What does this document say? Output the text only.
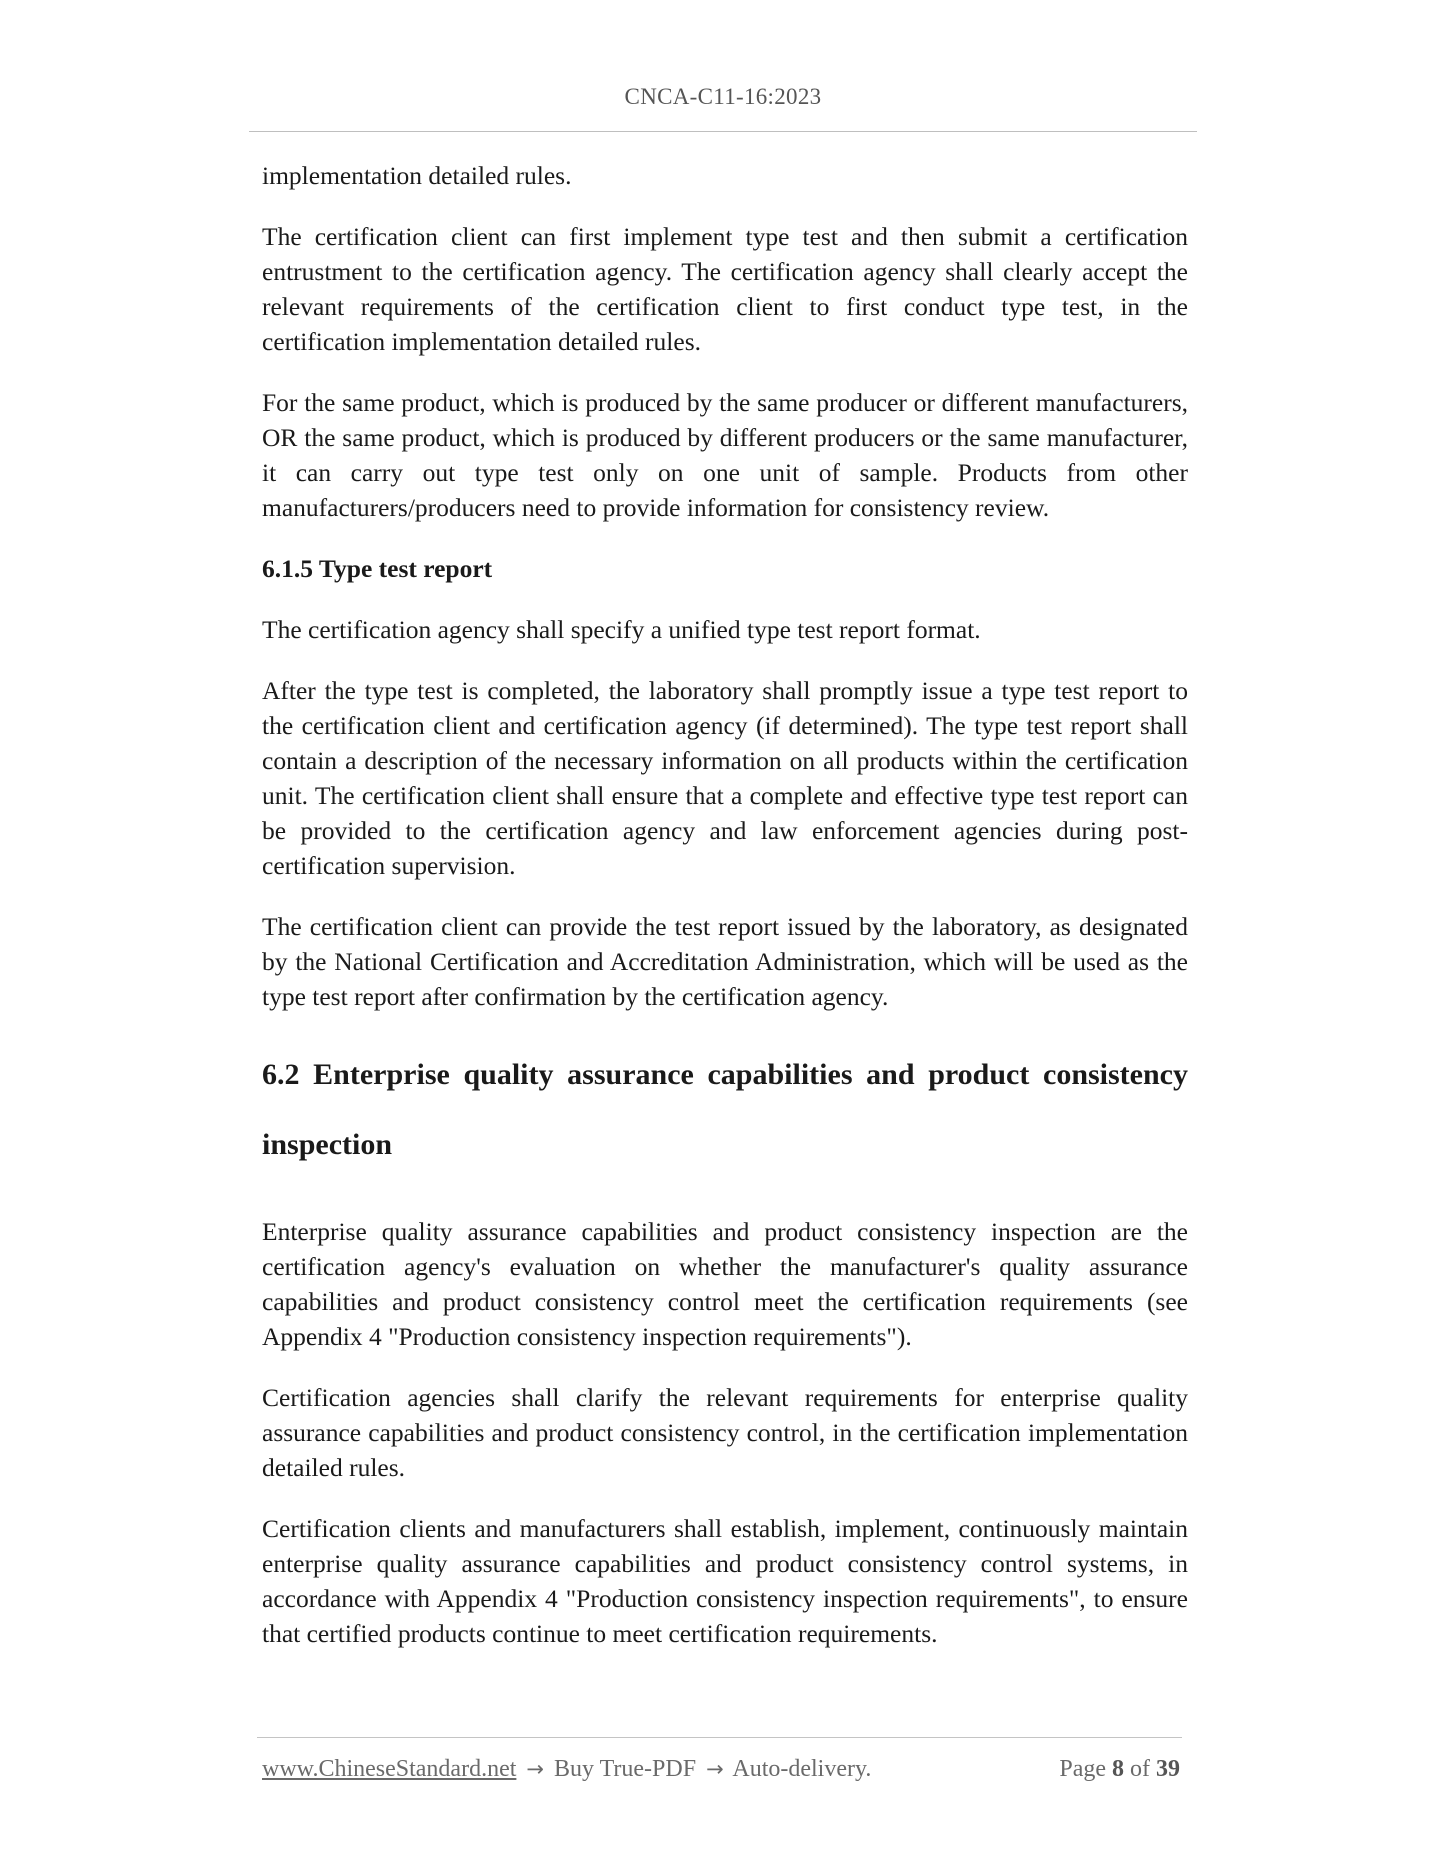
CNCA-C11-16:2023

implementation detailed rules.

The certification client can first implement type test and then submit a certification entrustment to the certification agency. The certification agency shall clearly accept the relevant requirements of the certification client to first conduct type test, in the certification implementation detailed rules.

For the same product, which is produced by the same producer or different manufacturers, OR the same product, which is produced by different producers or the same manufacturer, it can carry out type test only on one unit of sample. Products from other manufacturers/producers need to provide information for consistency review.

6.1.5 Type test report

The certification agency shall specify a unified type test report format.

After the type test is completed, the laboratory shall promptly issue a type test report to the certification client and certification agency (if determined). The type test report shall contain a description of the necessary information on all products within the certification unit. The certification client shall ensure that a complete and effective type test report can be provided to the certification agency and law enforcement agencies during post-certification supervision.

The certification client can provide the test report issued by the laboratory, as designated by the National Certification and Accreditation Administration, which will be used as the type test report after confirmation by the certification agency.

6.2 Enterprise quality assurance capabilities and product consistency inspection

Enterprise quality assurance capabilities and product consistency inspection are the certification agency's evaluation on whether the manufacturer's quality assurance capabilities and product consistency control meet the certification requirements (see Appendix 4 "Production consistency inspection requirements").

Certification agencies shall clarify the relevant requirements for enterprise quality assurance capabilities and product consistency control, in the certification implementation detailed rules.

Certification clients and manufacturers shall establish, implement, continuously maintain enterprise quality assurance capabilities and product consistency control systems, in accordance with Appendix 4 "Production consistency inspection requirements", to ensure that certified products continue to meet certification requirements.

www.ChineseStandard.net → Buy True-PDF → Auto-delivery.	Page 8 of 39
